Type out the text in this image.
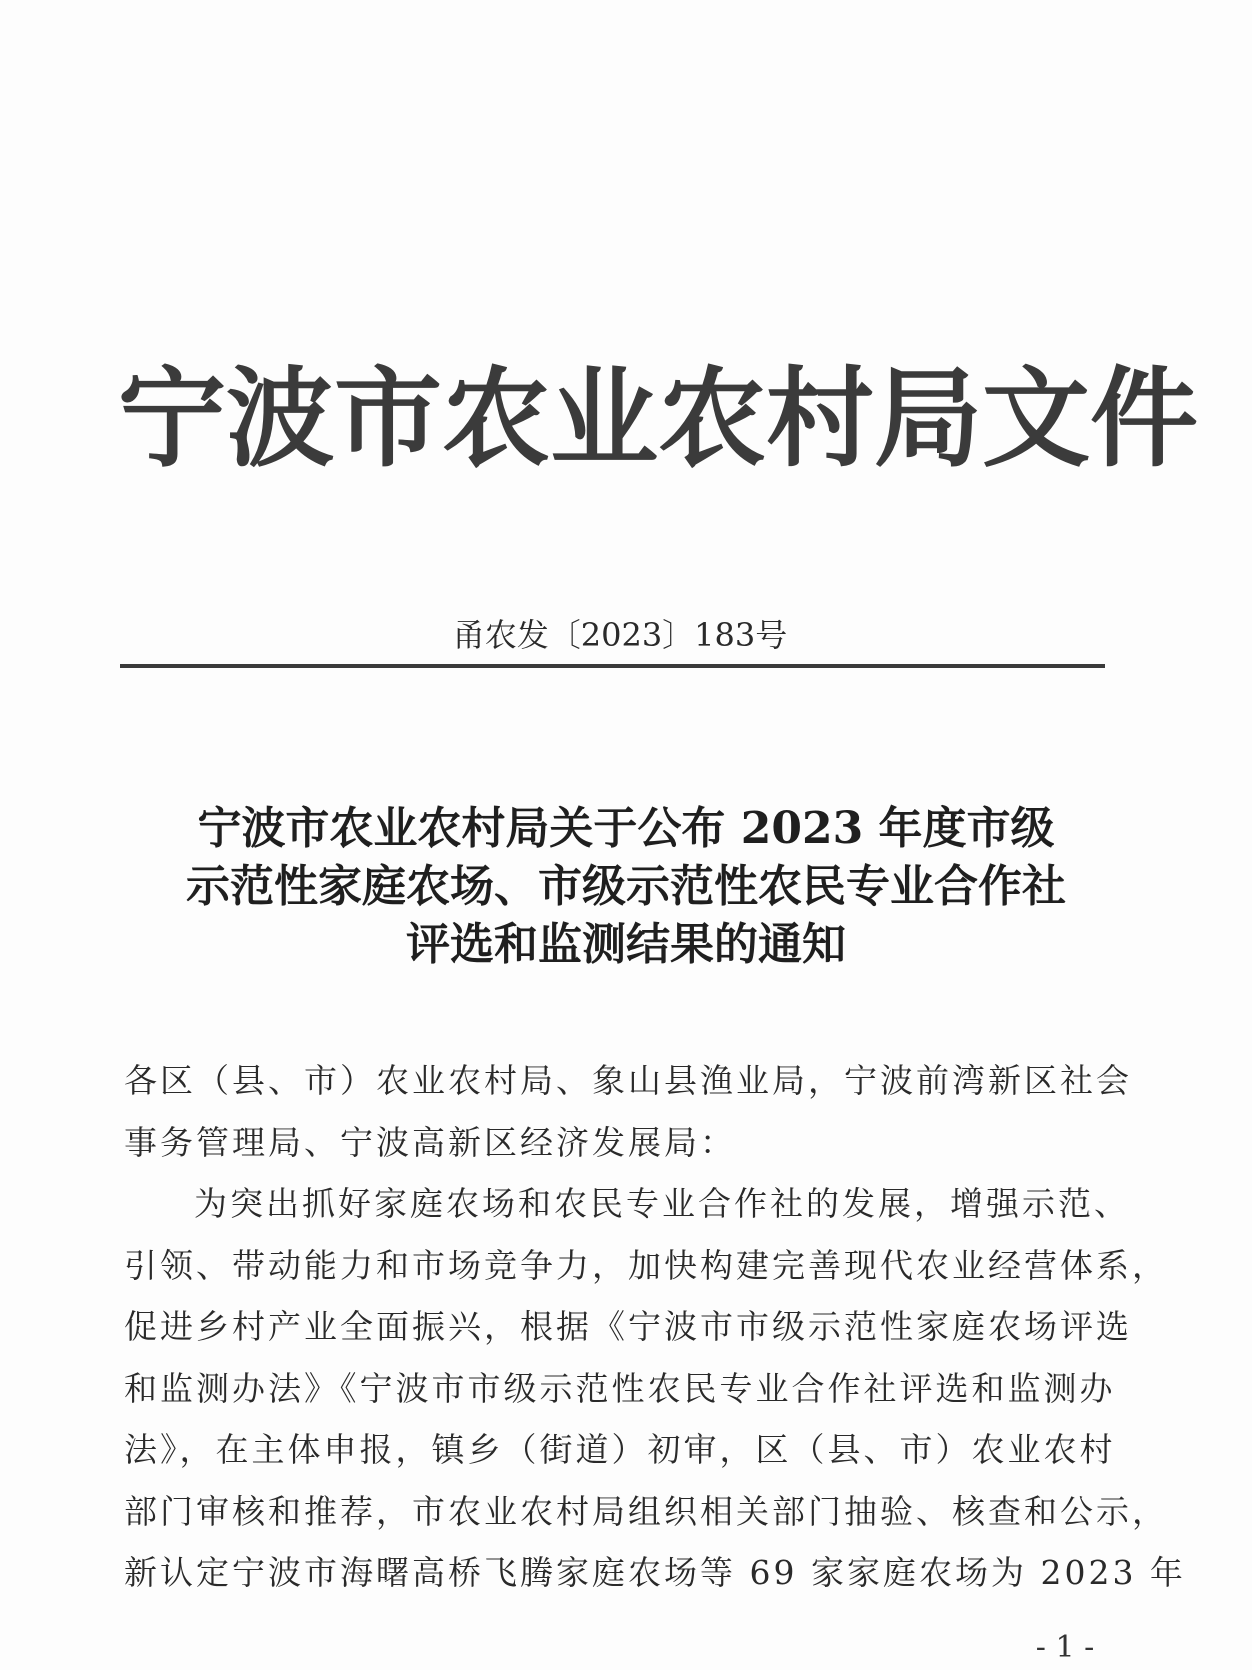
宁波市农业农村局文件
甬农发〔2023〕183号
宁波市农业农村局关于公布 2023 年度市级
示范性家庭农场、市级示范性农民专业合作社
评选和监测结果的通知
各区（县、市）农业农村局、象山县渔业局，宁波前湾新区社会
事务管理局、宁波高新区经济发展局：
为突出抓好家庭农场和农民专业合作社的发展，增强示范、
引领、带动能力和市场竞争力，加快构建完善现代农业经营体系，
促进乡村产业全面振兴，根据《宁波市市级示范性家庭农场评选
和监测办法》《宁波市市级示范性农民专业合作社评选和监测办
法》，在主体申报，镇乡（街道）初审，区（县、市）农业农村
部门审核和推荐，市农业农村局组织相关部门抽验、核查和公示，
新认定宁波市海曙高桥飞腾家庭农场等 69 家家庭农场为 2023 年
- 1 -
